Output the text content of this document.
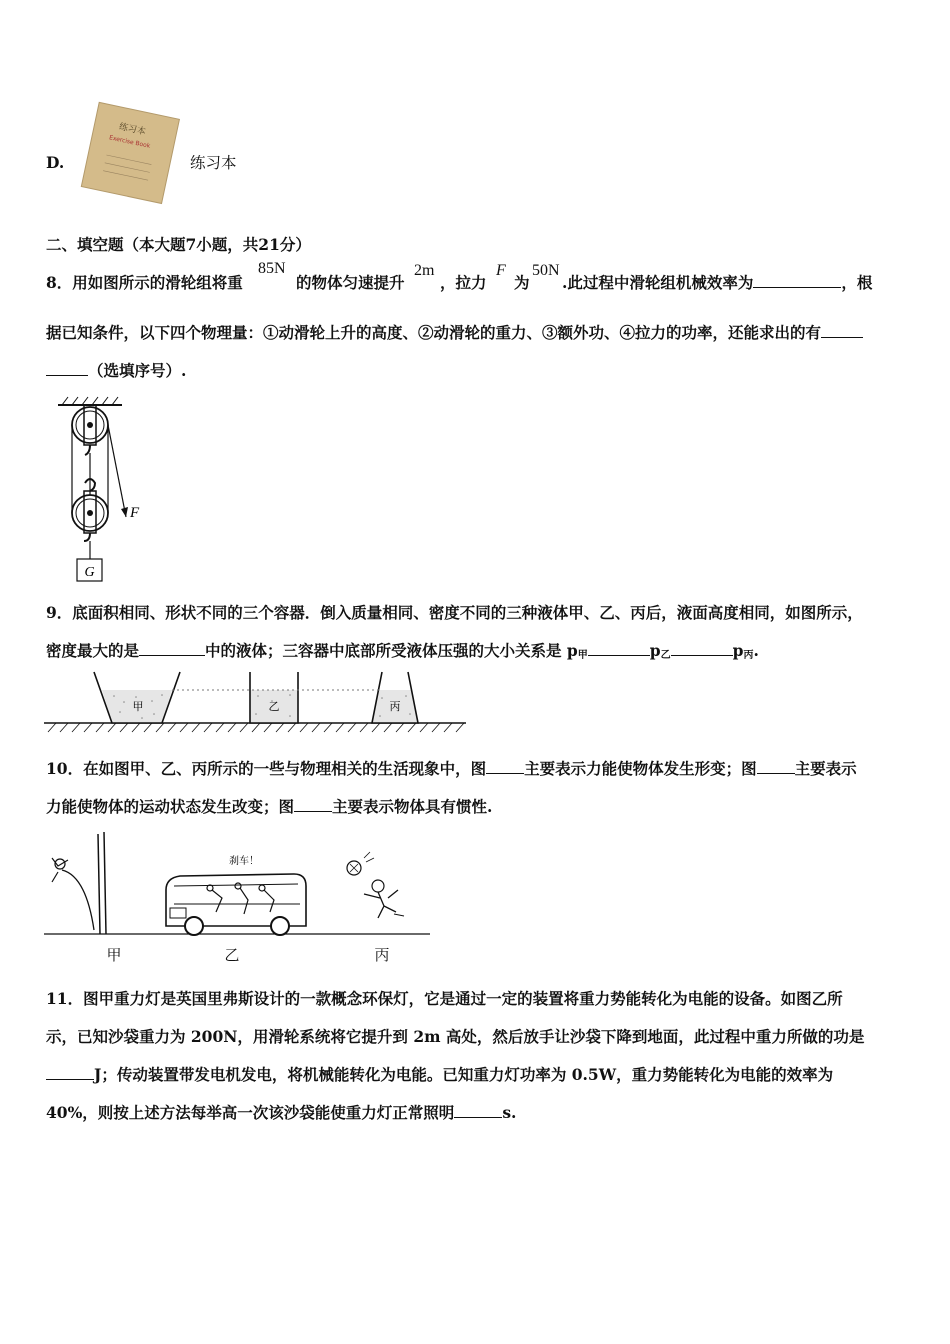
D.
练习本
Exercise Book
练习本
二、填空题（本大题7小题，共21分）
8．用如图所示的滑轮组将重
85N
的物体匀速提升
2m
，拉力
F
为
50N
.此过程中滑轮组机械效率为	，根
据已知条件，以下四个物理量：①动滑轮上升的高度、②动滑轮的重力、③额外功、④拉力的功率，还能求出的有
（选填序号）.
F
G
9．底面积相同、形状不同的三个容器．倒入质量相同、密度不同的三种液体甲、乙、丙后，液面高度相同，如图所示，
密度最大的是	中的液体；三容器中底部所受液体压强的大小关系是 $p_甲$	$p_乙$	$p_丙$.
甲	乙	丙
10．在如图甲、乙、丙所示的一些与物理相关的生活现象中，图 主要表示力能使物体发生形变；图 主要表示
力能使物体的运动状态发生改变；图 主要表示物体具有惯性.
刹车！
甲	乙	丙
11．图甲重力灯是英国里弗斯设计的一款概念环保灯，它是通过一定的装置将重力势能转化为电能的设备。如图乙所
示，已知沙袋重力为 200N，用滑轮系统将它提升到 2m 高处，然后放手让沙袋下降到地面，此过程中重力所做的功是
J；传动装置带发电机发电，将机械能转化为电能。已知重力灯功率为 0.5W，重力势能转化为电能的效率为
40%，则按上述方法每举高一次该沙袋能使重力灯正常照明	s.
